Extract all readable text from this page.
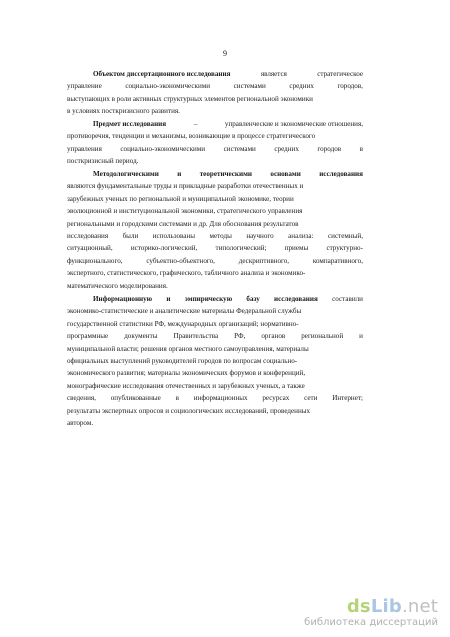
9
Объектом диссертационного исследования	является	стратегическое
управление	социально-экономическими	системами	средних	городов,
выступающих в роли активных структурных элементов региональной экономики
в условиях посткризисного развития.
Предмет исследования	–	управленческие и экономические отношения,
противоречия, тенденции и механизмы, возникающие в процессе стратегического
управления	социально-экономическими	системами	средних	городов	в
посткризисный период.
Методологическими	и	теоретическими	основами	исследования
являются фундаментальные труды и прикладные разработки отечественных и
зарубежных ученых по региональной и муниципальной экономике, теории
эволюционной и институциональной экономики, стратегического управления
региональными и городскими системами и др. Для обоснования результатов
исследования были использованы методы научного анализа: системный,
ситуационный,	историко-логический,	типологический;	приемы	структурно-
функционального,	субъектно-объектного,	дескриптивного,	компаративного,
экспертного, статистического, графического, табличного анализа и экономико-
математического моделирования.
Информационную и эмпирическую базу исследования составили
экономико-статистические и аналитические материалы Федеральной службы
государственной статистики РФ, международных организаций; нормативно-
программные документы Правительства РФ, органов региональной и
муниципальной власти; решения органов местного самоуправления, материалы
официальных выступлений руководителей городов по вопросам социально-
экономического развития; материалы экономических форумов и конференций,
монографические исследования отечественных и зарубежных ученых, а также
сведения, опубликованные в информационных ресурсах сети Интернет;
результаты экспертных опросов и социологических исследований, проведенных
автором.
dsLib.net
библиотека диссертаций
